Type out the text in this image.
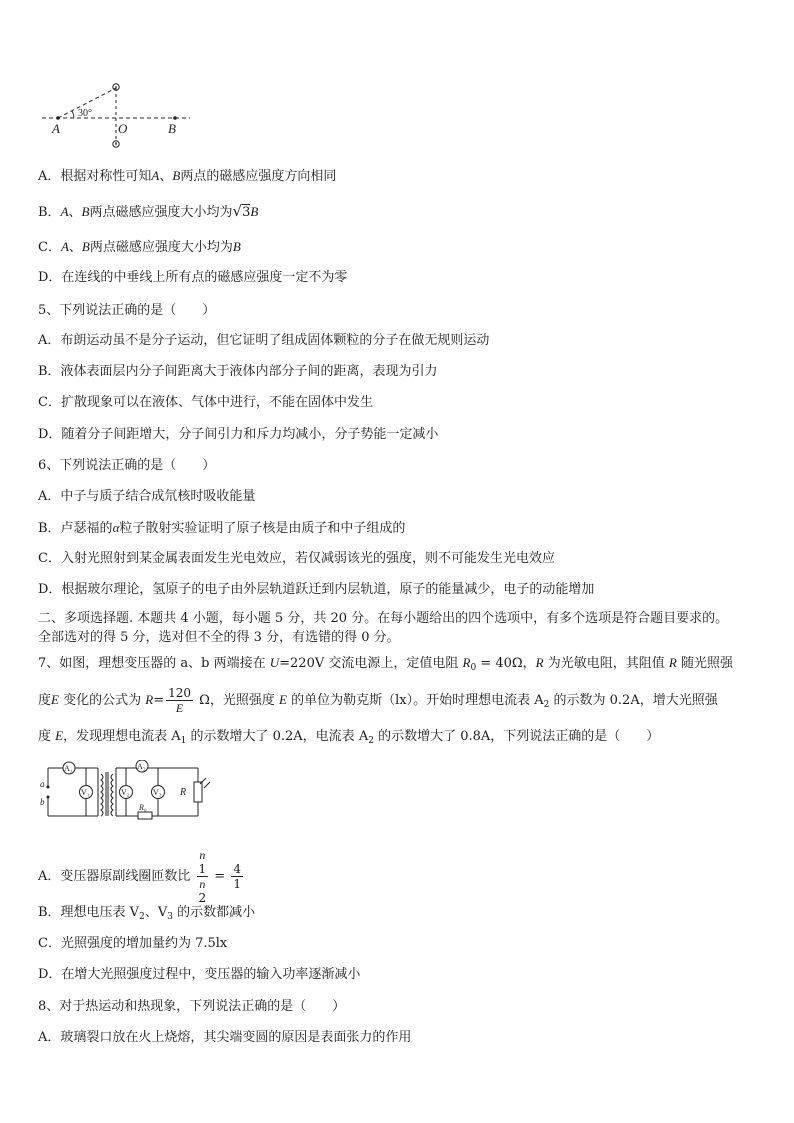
30°
A	O	B
A．根据对称性可知A、B两点的磁感应强度方向相同
B．A、B两点磁感应强度大小均为√3B
C．A、B两点磁感应强度大小均为B
D．在连线的中垂线上所有点的磁感应强度一定不为零
5、下列说法正确的是（　　）
A．布朗运动虽不是分子运动，但它证明了组成固体颗粒的分子在做无规则运动
B．液体表面层内分子间距离大于液体内部分子间的距离，表现为引力
C．扩散现象可以在液体、气体中进行，不能在固体中发生
D．随着分子间距增大，分子间引力和斥力均减小，分子势能一定减小
6、下列说法正确的是（　　）
A．中子与质子结合成氘核时吸收能量
B．卢瑟福的α粒子散射实验证明了原子核是由质子和中子组成的
C．入射光照射到某金属表面发生光电效应，若仅减弱该光的强度，则不可能发生光电效应
D．根据玻尔理论，氢原子的电子由外层轨道跃迁到内层轨道，原子的能量减少，电子的动能增加
二、多项选择题. 本题共 4 小题，每小题 5 分，共 20 分。在每小题给出的四个选项中，有多个选项是符合题目要求的。
全部选对的得 5 分，选对但不全的得 3 分，有选错的得 0 分。
7、如图，理想变压器的 a、b 两端接在 U=220V 交流电源上，定值电阻 $R_0 = 40\Omega$，R 为光敏电阻，其阻值 R 随光照强
度E 变化的公式为 $R= \frac{120}{E}$ Ω，光照强度 E 的单位为勒克斯（lx）。开始时理想电流表 $A_2$ 的示数为 0.2A，增大光照强
度 E，发现理想电流表 $A_1$ 的示数增大了 0.2A，电流表 $A_2$ 的示数增大了 0.8A，下列说法正确的是（　　）
a
b
A₁
V₁
A₂
V₂	V₃
R₀
R
A．变压器原副线圈匝数比 n
1
n
$2 = \frac{4}{1}$
B．理想电压表 $V_2$、$V_3$ 的示数都减小
C．光照强度的增加量约为 7.5lx
D．在增大光照强度过程中，变压器的输入功率逐渐减小
8、对于热运动和热现象，下列说法正确的是（　　）
A．玻璃裂口放在火上烧熔，其尖端变圆的原因是表面张力的作用
